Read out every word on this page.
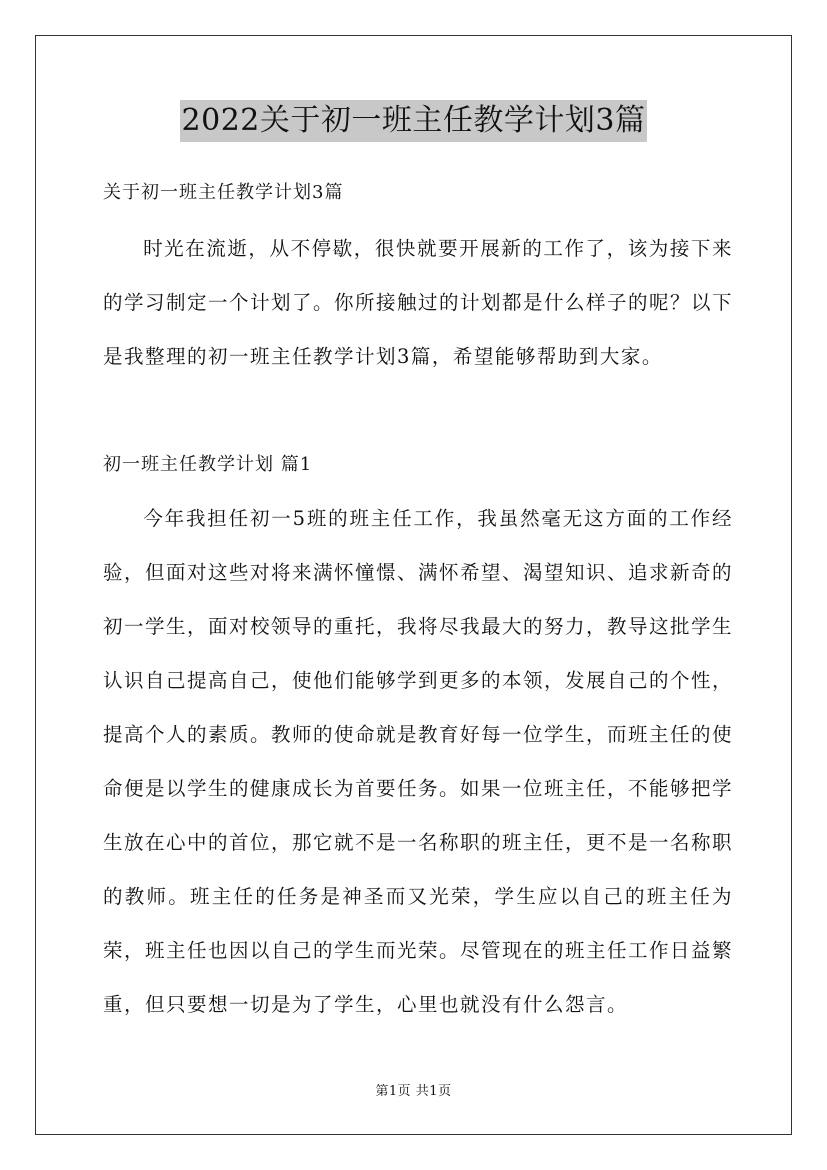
2022关于初一班主任教学计划3篇
关于初一班主任教学计划3篇

时光在流逝，从不停歇，很快就要开展新的工作了，该为接下来的学习制定一个计划了。你所接触过的计划都是什么样子的呢？以下是我整理的初一班主任教学计划3篇，希望能够帮助到大家。

初一班主任教学计划 篇1

今年我担任初一5班的班主任工作，我虽然毫无这方面的工作经验，但面对这些对将来满怀憧憬、满怀希望、渴望知识、追求新奇的初一学生，面对校领导的重托，我将尽我最大的努力，教导这批学生认识自己提高自己，使他们能够学到更多的本领，发展自己的个性，提高个人的素质。教师的使命就是教育好每一位学生，而班主任的使命便是以学生的健康成长为首要任务。如果一位班主任，不能够把学生放在心中的首位，那它就不是一名称职的班主任，更不是一名称职的教师。班主任的任务是神圣而又光荣，学生应以自己的班主任为荣，班主任也因以自己的学生而光荣。尽管现在的班主任工作日益繁重，但只要想一切是为了学生，心里也就没有什么怨言。

第1页 共1页
